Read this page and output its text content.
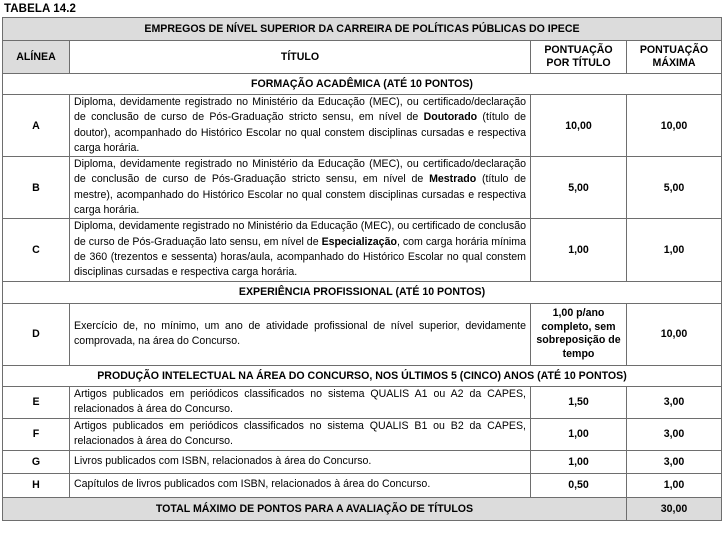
TABELA 14.2
EMPREGOS DE NÍVEL SUPERIOR DA CARREIRA DE POLÍTICAS PÚBLICAS DO IPECE			
ALÍNEA	TÍTULO	PONTUAÇÃO POR TÍTULO	PONTUAÇÃO MÁXIMA
FORMAÇÃO ACADÊMICA (ATÉ 10 PONTOS)			
A	Diploma, devidamente registrado no Ministério da Educação (MEC), ou certificado/declaração de conclusão de curso de Pós-Graduação stricto sensu, em nível de Doutorado (título de doutor), acompanhado do Histórico Escolar no qual constem disciplinas cursadas e respectiva carga horária.	10,00	10,00
B	Diploma, devidamente registrado no Ministério da Educação (MEC), ou certificado/declaração de conclusão de curso de Pós-Graduação stricto sensu, em nível de Mestrado (título de mestre), acompanhado do Histórico Escolar no qual constem disciplinas cursadas e respectiva carga horária.	5,00	5,00
C	Diploma, devidamente registrado no Ministério da Educação (MEC), ou certificado de conclusão de curso de Pós-Graduação lato sensu, em nível de Especialização, com carga horária mínima de 360 (trezentos e sessenta) horas/aula, acompanhado do Histórico Escolar no qual constem disciplinas cursadas e respectiva carga horária.	1,00	1,00
EXPERIÊNCIA PROFISSIONAL (ATÉ 10 PONTOS)			
D	Exercício de, no mínimo, um ano de atividade profissional de nível superior, devidamente comprovada, na área do Concurso.	1,00 p/ano completo, sem sobreposição de tempo	10,00
PRODUÇÃO INTELECTUAL NA ÁREA DO CONCURSO, NOS ÚLTIMOS 5 (CINCO) ANOS (ATÉ 10 PONTOS)			
E	Artigos publicados em periódicos classificados no sistema QUALIS A1 ou A2 da CAPES, relacionados à área do Concurso.	1,50	3,00
F	Artigos publicados em periódicos classificados no sistema QUALIS B1 ou B2 da CAPES, relacionados à área do Concurso.	1,00	3,00
G	Livros publicados com ISBN, relacionados à área do Concurso.	1,00	3,00
H	Capítulos de livros publicados com ISBN, relacionados à área do Concurso.	0,50	1,00
TOTAL MÁXIMO DE PONTOS PARA A AVALIAÇÃO DE TÍTULOS			30,00
